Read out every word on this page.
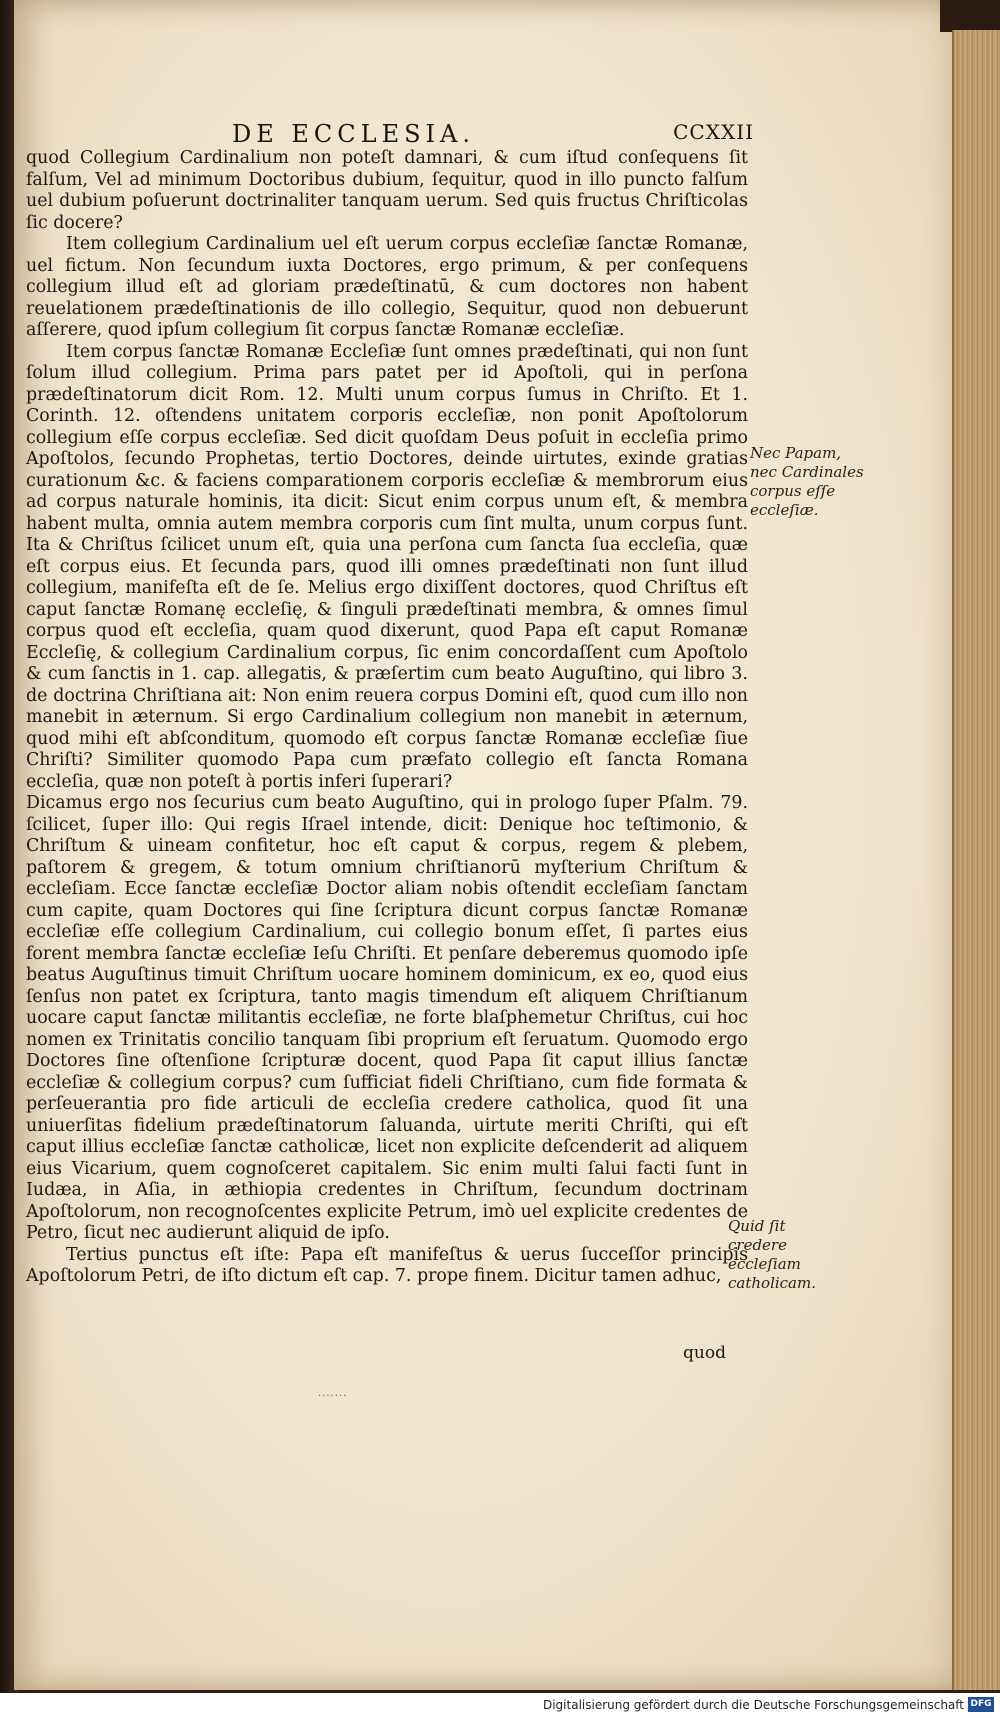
DE ECCLESIA.	CCXXII

quod Collegium Cardinalium non poteſt damnari, & cum iſtud conſequens ſit falſum, Vel ad minimum Doctoribus dubium, ſequitur, quod in illo puncto falſum uel dubium poſuerunt doctrinaliter tanquam uerum. Sed quis fructus Chriſticolas ſic docere?

Item collegium Cardinalium uel eſt uerum corpus eccleſiæ ſanctæ Romanæ, uel fictum. Non ſecundum iuxta Doctores, ergo primum, & per conſequens collegium illud eſt ad gloriam prædeſtinatū, & cum doctores non habent reuelationem prædeſtinationis de illo collegio, Sequitur, quod non debuerunt aſſerere, quod ipſum collegium ſit corpus ſanctæ Romanæ eccleſiæ.

Item corpus ſanctæ Romanæ Eccleſiæ ſunt omnes prædeſtinati, qui non ſunt ſolum illud collegium. Prima pars patet per id Apoſtoli, qui in perſona prædeſtinatorum dicit Rom. 12. Multi unum corpus ſumus in Chriſto. Et 1. Corinth. 12. oſtendens unitatem corporis eccleſiæ, non ponit Apoſtolorum collegium eſſe corpus eccleſiæ. Sed dicit quoſdam Deus poſuit in eccleſia primo Apoſtolos, ſecundo Prophetas, tertio Doctores, deinde uirtutes, exinde gratias curationum &c. & faciens comparationem corporis eccleſiæ & membrorum eius ad corpus naturale hominis, ita dicit: Sicut enim corpus unum eſt, & membra habent multa, omnia autem membra corporis cum ſint multa, unum corpus ſunt. Ita & Chriſtus ſcilicet unum eſt, quia una perſona cum ſancta ſua eccleſia, quæ eſt corpus eius. Et ſecunda pars, quod illi omnes prædeſtinati non ſunt illud collegium, manifeſta eſt de ſe. Melius ergo dixiſſent doctores, quod Chriſtus eſt caput ſanctæ Romanę eccleſię, & ſinguli prædeſtinati membra, & omnes ſimul corpus quod eſt eccleſia, quam quod dixerunt, quod Papa eſt caput Romanæ Eccleſię, & collegium Cardinalium corpus, ſic enim concordaſſent cum Apoſtolo & cum ſanctis in 1. cap. allegatis, & præſertim cum beato Auguſtino, qui libro 3. de doctrina Chriſtiana ait: Non enim reuera corpus Domini eſt, quod cum illo non manebit in æternum. Si ergo Cardinalium collegium non manebit in æternum, quod mihi eſt abſconditum, quomodo eſt corpus ſanctæ Romanæ eccleſiæ ſiue Chriſti? Similiter quomodo Papa cum præfato collegio eſt ſancta Romana eccleſia, quæ non poteſt à portis inferi ſuperari?

Dicamus ergo nos ſecurius cum beato Auguſtino, qui in prologo ſuper Pſalm. 79. ſcilicet, ſuper illo: Qui regis Iſrael intende, dicit: Denique hoc teſtimonio, & Chriſtum & uineam confitetur, hoc eſt caput & corpus, regem & plebem, paſtorem & gregem, & totum omnium chriſtianorū myſterium Chriſtum & eccleſiam. Ecce ſanctæ eccleſiæ Doctor aliam nobis oſtendit eccleſiam ſanctam cum capite, quam Doctores qui ſine ſcriptura dicunt corpus ſanctæ Romanæ eccleſiæ eſſe collegium Cardinalium, cui collegio bonum eſſet, ſi partes eius forent membra ſanctæ eccleſiæ Ieſu Chriſti. Et penſare deberemus quomodo ipſe beatus Auguſtinus timuit Chriſtum uocare hominem dominicum, ex eo, quod eius ſenſus non patet ex ſcriptura, tanto magis timendum eſt aliquem Chriſtianum uocare caput ſanctæ militantis eccleſiæ, ne forte blaſphemetur Chriſtus, cui hoc nomen ex Trinitatis concilio tanquam ſibi proprium eſt ſeruatum. Quomodo ergo Doctores ſine oſtenſione ſcripturæ docent, quod Papa ſit caput illius ſanctæ eccleſiæ & collegium corpus? cum ſufficiat fideli Chriſtiano, cum fide formata & perſeuerantia pro fide articuli de eccleſia credere catholica, quod ſit una uniuerſitas fidelium prædeſtinatorum ſaluanda, uirtute meriti Chriſti, qui eſt caput illius eccleſiæ ſanctæ catholicæ, licet non explicite deſcenderit ad aliquem eius Vicarium, quem cognoſceret capitalem. Sic enim multi ſalui facti ſunt in Iudæa, in Aſia, in æthiopia credentes in Chriſtum, ſecundum doctrinam Apoſtolorum, non recognoſcentes explicite Petrum, imò uel explicite credentes de Petro, ſicut nec audierunt aliquid de ipſo.

Tertius punctus eſt iſte: Papa eſt manifeſtus & uerus ſucceſſor principis Apoſtolorum Petri, de iſto dictum eſt cap. 7. prope finem. Dicitur tamen adhuc,

Nec Papam, nec Cardinales corpus eſſe eccleſiæ.
Quid ſit credere eccleſiam catholicam.
quod
·······
Digitalisierung gefördert durch die Deutsche Forschungsgemeinschaft DFG
